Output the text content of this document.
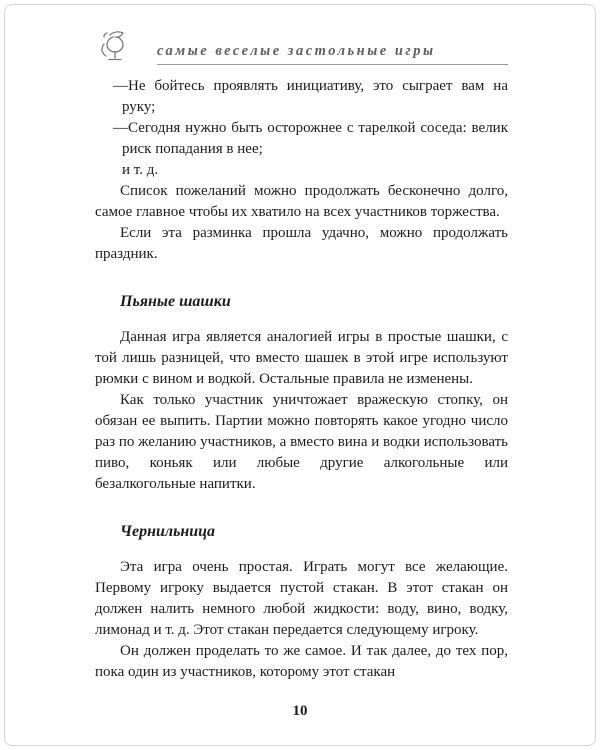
самые веселые застольные игры

—Не бойтесь проявлять инициативу, это сыграет вам на руку;

—Сегодня нужно быть осторожнее с тарелкой соседа: велик риск попадания в нее;

и т. д.

Список пожеланий можно продолжать бесконечно долго, самое главное чтобы их хватило на всех участников торжества.

Если эта разминка прошла удачно, можно продолжать праздник.

Пьяные шашки

Данная игра является аналогией игры в простые шашки, с той лишь разницей, что вместо шашек в этой игре используют рюмки с вином и водкой. Остальные правила не изменены.

Как только участник уничтожает вражескую стопку, он обязан ее выпить. Партии можно повторять какое угодно число раз по желанию участников, а вместо вина и водки использовать пиво, коньяк или любые другие алкогольные или безалкогольные напитки.

Чернильница

Эта игра очень простая. Играть могут все желающие. Первому игроку выдается пустой стакан. В этот стакан он должен налить немного любой жидкости: воду, вино, водку, лимонад и т. д. Этот стакан передается следующему игроку.

Он должен проделать то же самое. И так далее, до тех пор, пока один из участников, которому этот стакан

10
